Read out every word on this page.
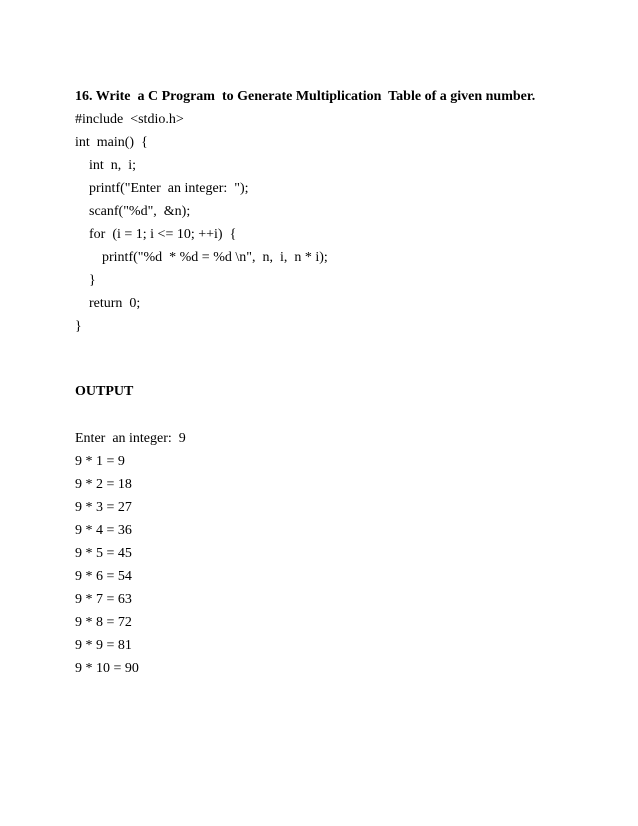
16. Write  a C Program  to Generate Multiplication  Table of a given number.
#include  <stdio.h>
int  main()  {
int  n,  i;
printf("Enter  an integer:  ");
scanf("%d",  &n);
for  (i = 1; i <= 10; ++i)  {
printf("%d  * %d = %d \n",  n,  i,  n * i);
}
return  0;
}
OUTPUT
Enter  an integer:  9
9 * 1 = 9
9 * 2 = 18
9 * 3 = 27
9 * 4 = 36
9 * 5 = 45
9 * 6 = 54
9 * 7 = 63
9 * 8 = 72
9 * 9 = 81
9 * 10 = 90
